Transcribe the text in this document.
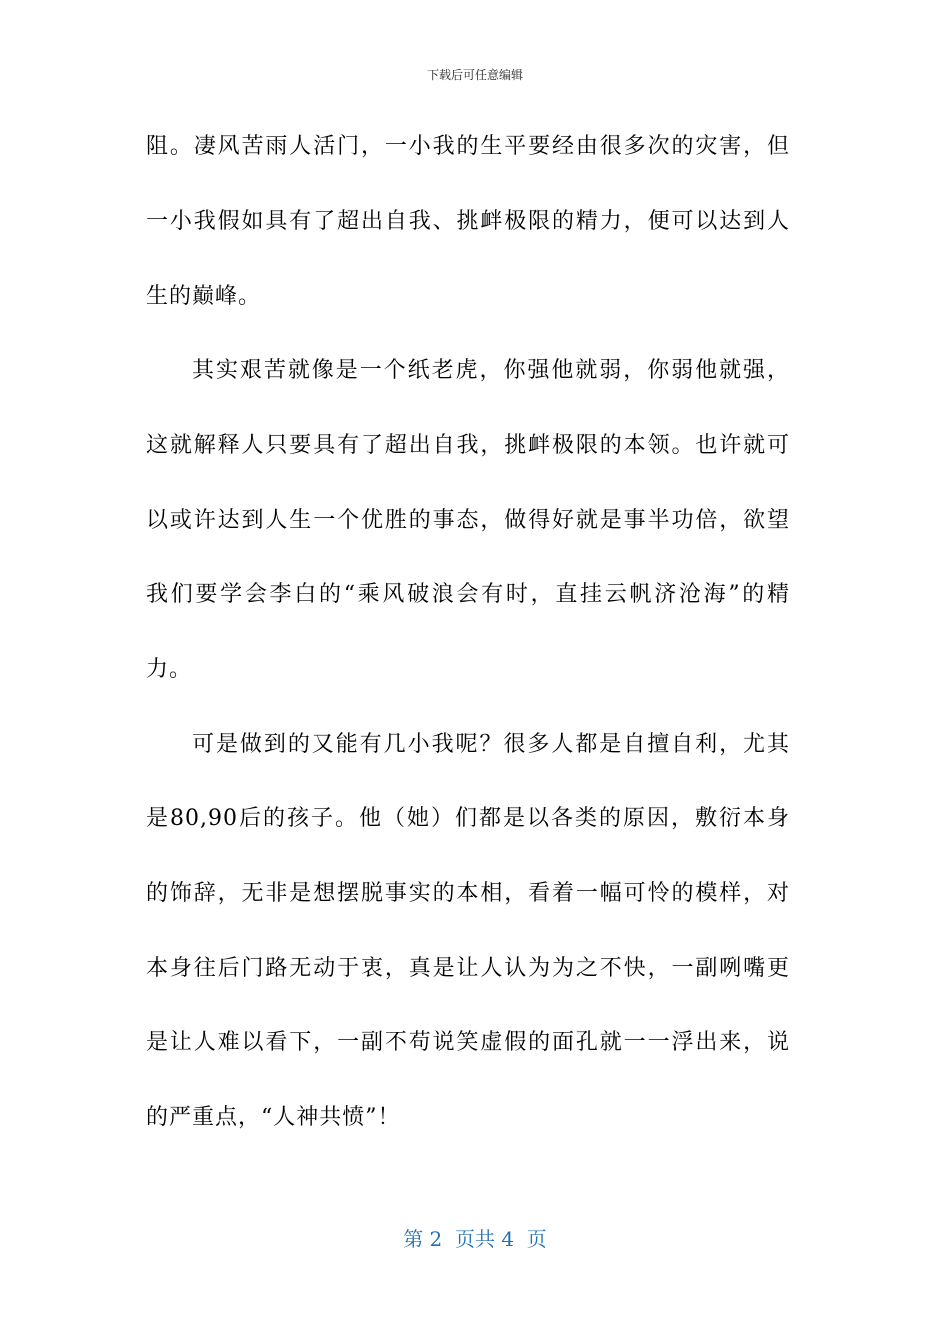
下载后可任意编辑
阻。凄风苦雨人活门，一小我的生平要经由很多次的灾害，但
一小我假如具有了超出自我、挑衅极限的精力，便可以达到人
生的巅峰。
其实艰苦就像是一个纸老虎，你强他就弱，你弱他就强，
这就解释人只要具有了超出自我，挑衅极限的本领。也许就可
以或许达到人生一个优胜的事态，做得好就是事半功倍，欲望
我们要学会李白的“乘风破浪会有时，直挂云帆济沧海”的精
力。
可是做到的又能有几小我呢？很多人都是自擅自利，尤其
是80,90后的孩子。他（她）们都是以各类的原因，敷衍本身
的饰辞，无非是想摆脱事实的本相，看着一幅可怜的模样，对
本身往后门路无动于衷，真是让人认为为之不快，一副咧嘴更
是让人难以看下，一副不苟说笑虚假的面孔就一一浮出来，说
的严重点，“人神共愤”！
第 2  页共 4  页
